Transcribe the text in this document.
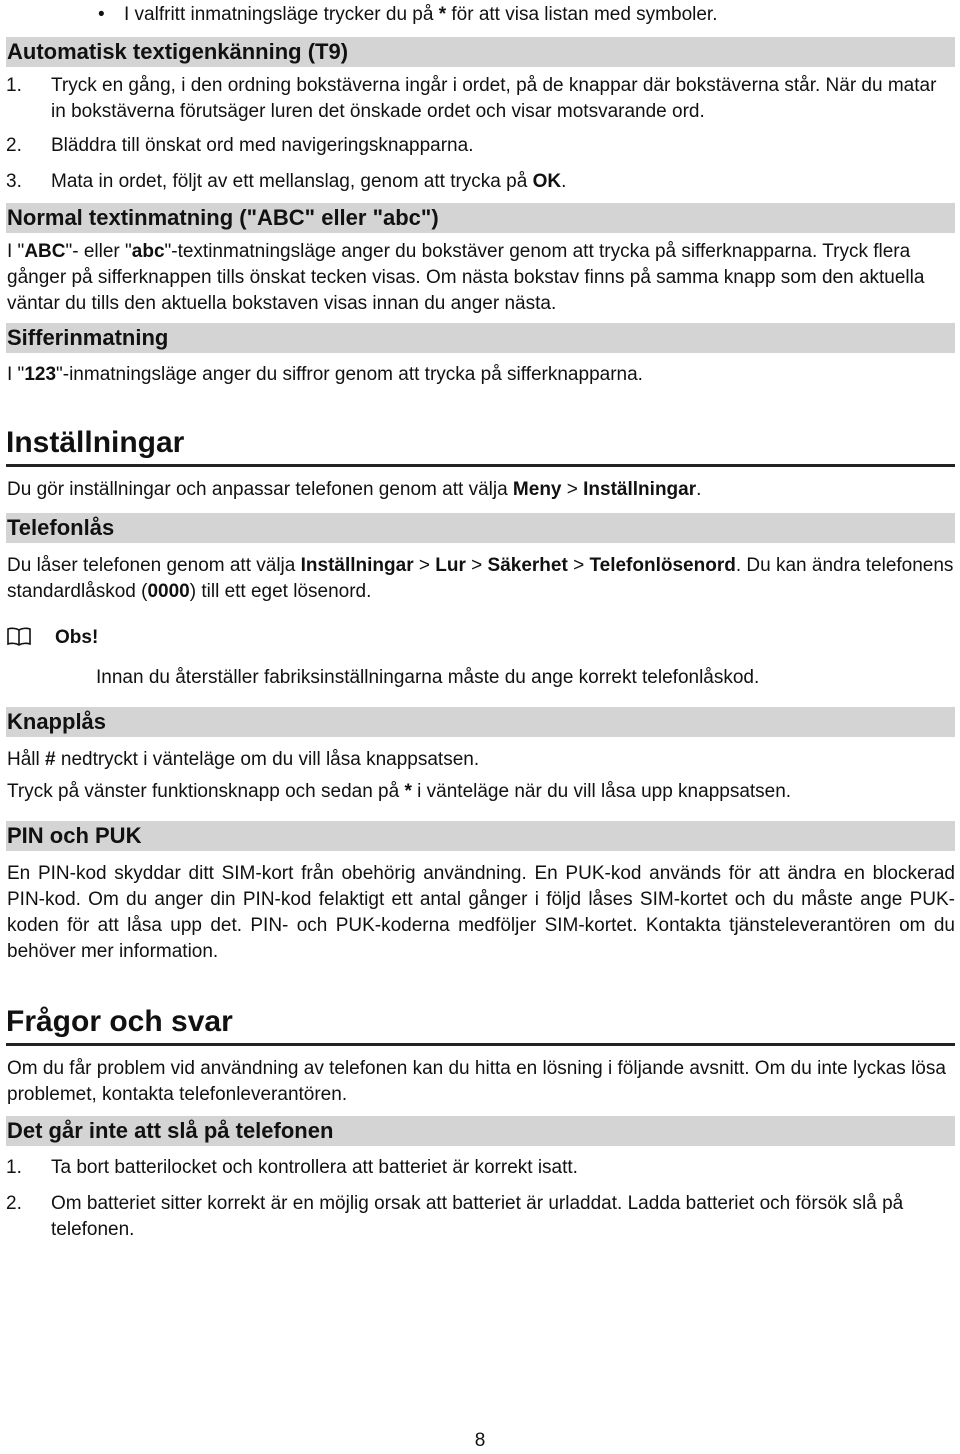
• I valfritt inmatningsläge trycker du på * för att visa listan med symboler.

Automatisk textigenkänning (T9)

1. Tryck en gång, i den ordning bokstäverna ingår i ordet, på de knappar där bokstäverna står. När du matar in bokstäverna förutsäger luren det önskade ordet och visar motsvarande ord.

2. Bläddra till önskat ord med navigeringsknapparna.

3. Mata in ordet, följt av ett mellanslag, genom att trycka på OK.

Normal textinmatning ("ABC" eller "abc")

I "ABC"- eller "abc"-textinmatningsläge anger du bokstäver genom att trycka på sifferknapparna. Tryck flera gånger på sifferknappen tills önskat tecken visas. Om nästa bokstav finns på samma knapp som den aktuella väntar du tills den aktuella bokstaven visas innan du anger nästa.

Sifferinmatning

I "123"-inmatningsläge anger du siffror genom att trycka på sifferknapparna.

Inställningar

Du gör inställningar och anpassar telefonen genom att välja Meny > Inställningar.

Telefonlås

Du låser telefonen genom att välja Inställningar > Lur > Säkerhet > Telefonlösenord. Du kan ändra telefonens standardlåskod (0000) till ett eget lösenord.

Obs!

Innan du återställer fabriksinställningarna måste du ange korrekt telefonlåskod.

Knapplås

Håll # nedtryckt i vänteläge om du vill låsa knappsatsen.

Tryck på vänster funktionsknapp och sedan på * i vänteläge när du vill låsa upp knappsatsen.

PIN och PUK

En PIN-kod skyddar ditt SIM-kort från obehörig användning. En PUK-kod används för att ändra en blockerad PIN-kod. Om du anger din PIN-kod felaktigt ett antal gånger i följd låses SIM-kortet och du måste ange PUK-koden för att låsa upp det. PIN- och PUK-koderna medföljer SIM-kortet. Kontakta tjänsteleverantören om du behöver mer information.

Frågor och svar

Om du får problem vid användning av telefonen kan du hitta en lösning i följande avsnitt. Om du inte lyckas lösa problemet, kontakta telefonleverantören.

Det går inte att slå på telefonen

1. Ta bort batterilocket och kontrollera att batteriet är korrekt isatt.

2. Om batteriet sitter korrekt är en möjlig orsak att batteriet är urladdat. Ladda batteriet och försök slå på telefonen.

8
